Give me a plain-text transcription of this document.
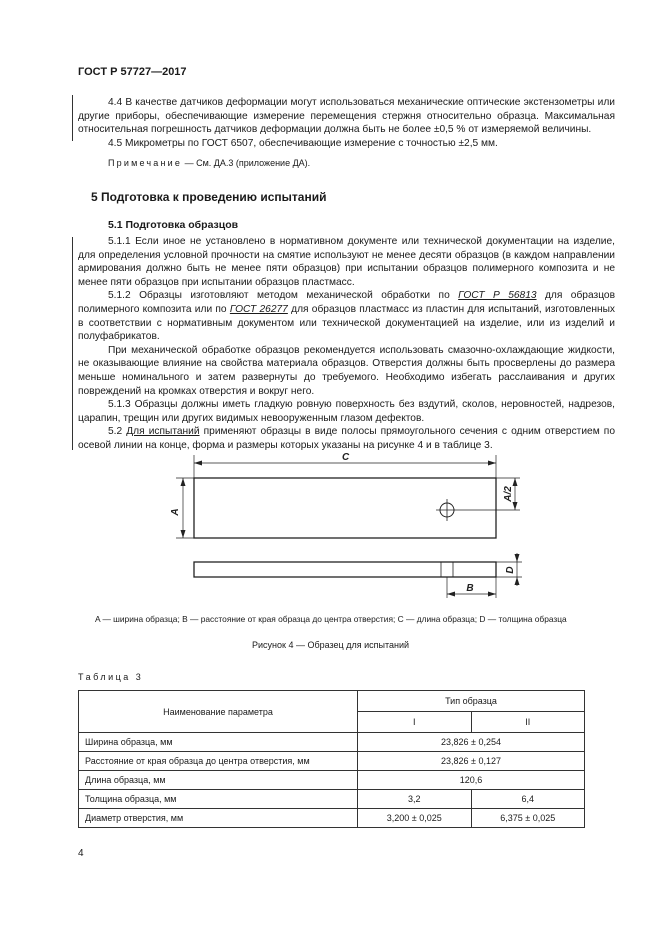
ГОСТ Р 57727—2017

4.4 В качестве датчиков деформации могут использоваться механические оптические экстензометры или другие приборы, обеспечивающие измерение перемещения стержня относительно образца. Максимальная относительная погрешность датчиков деформации должна быть не более ±0,5 % от измеряемой величины.

4.5 Микрометры по ГОСТ 6507, обеспечивающие измерение с точностью ±2,5 мм.

Примечание — См. ДА.3 (приложение ДА).

5 Подготовка к проведению испытаний
5.1 Подготовка образцов

5.1.1 Если иное не установлено в нормативном документе или технической документации на изделие, для определения условной прочности на смятие используют не менее десяти образцов (в каждом направлении армирования должно быть не менее пяти образцов) при испытании образцов полимерного композита и не менее пяти образцов при испытании образцов пластмасс.

5.1.2 Образцы изготовляют методом механической обработки по ГОСТ Р 56813 для образцов полимерного композита или по ГОСТ 26277 для образцов пластмасс из пластин для испытаний, изготовленных в соответствии с нормативным документом или технической документацией на изделие, или из изделий и полуфабрикатов.

При механической обработке образцов рекомендуется использовать смазочно-охлаждающие жидкости, не оказывающие влияние на свойства материала образцов. Отверстия должны быть просверлены до размера меньше номинального и затем развернуты до требуемого. Необходимо избегать расслаивания и других повреждений на кромках отверстия и вокруг него.

5.1.3 Образцы должны иметь гладкую ровную поверхность без вздутий, сколов, неровностей, надрезов, царапин, трещин или других видимых невооруженным глазом дефектов.

5.2 Для испытаний применяют образцы в виде полосы прямоугольного сечения с одним отверстием по осевой линии на конце, форма и размеры которых указаны на рисунке 4 и в таблице 3.

C
A
A/2
B
D
A — ширина образца; B — расстояние от края образца до центра отверстия; C — длина образца; D — толщина образца
Рисунок 4 — Образец для испытаний
Таблица 3
Наименование параметра	Тип образца	
	I	II
Ширина образца, мм	23,826 ± 0,254	
Расстояние от края образца до центра отверстия, мм	23,826 ± 0,127	
Длина образца, мм	120,6	
Толщина образца, мм	3,2	6,4
Диаметр отверстия, мм	3,200 ± 0,025	6,375 ± 0,025
4
